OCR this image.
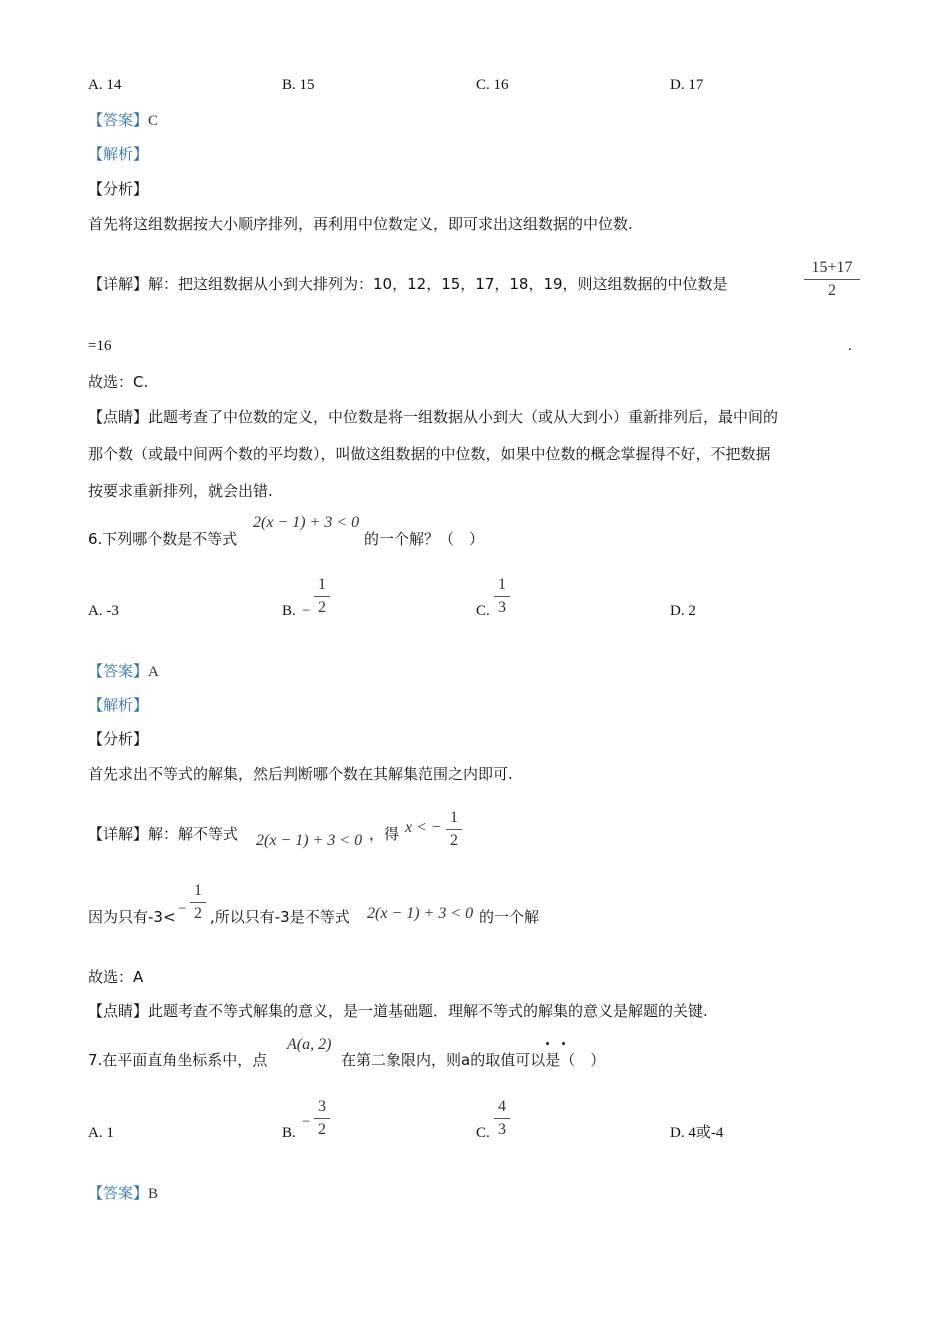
A. 14	B. 15	C. 16	D. 17
【答案】C
【解析】
【分析】
首先将这组数据按大小顺序排列，再利用中位数定义，即可求出这组数据的中位数.
【详解】解：把这组数据从小到大排列为：10，12，15，17，18，19，则这组数据的中位数是
15+17
2
=16	.
故选：C.
【点睛】此题考查了中位数的定义，中位数是将一组数据从小到大（或从大到小）重新排列后，最中间的
那个数（或最中间两个数的平均数），叫做这组数据的中位数，如果中位数的概念掌握得不好，不把数据
按要求重新排列，就会出错.
6.下列哪个数是不等式
2(x − 1) + 3 < 0
的一个解？（　）
A. -3	B. −
1
2	C.
1
3	D. 2
【答案】A
【解析】
【分析】
首先求出不等式的解集，然后判断哪个数在其解集范围之内即可.
【详解】解：解不等式 2(x − 1) + 3 < 0 ，得 x < −
1
2
因为只有-3< −
1
2 ,所以只有-3是不等式 2(x − 1) + 3 < 0 的一个解
故选：A
【点睛】此题考查不等式解集的意义，是一道基础题．理解不等式的解集的意义是解题的关键.
7.在平面直角坐标系中，点
A(a, 2)
在第二象限内，则a的取值可以是（　）
A. 1	B.
−
3
2	C.
4
3	D. 4或-4
【答案】B
